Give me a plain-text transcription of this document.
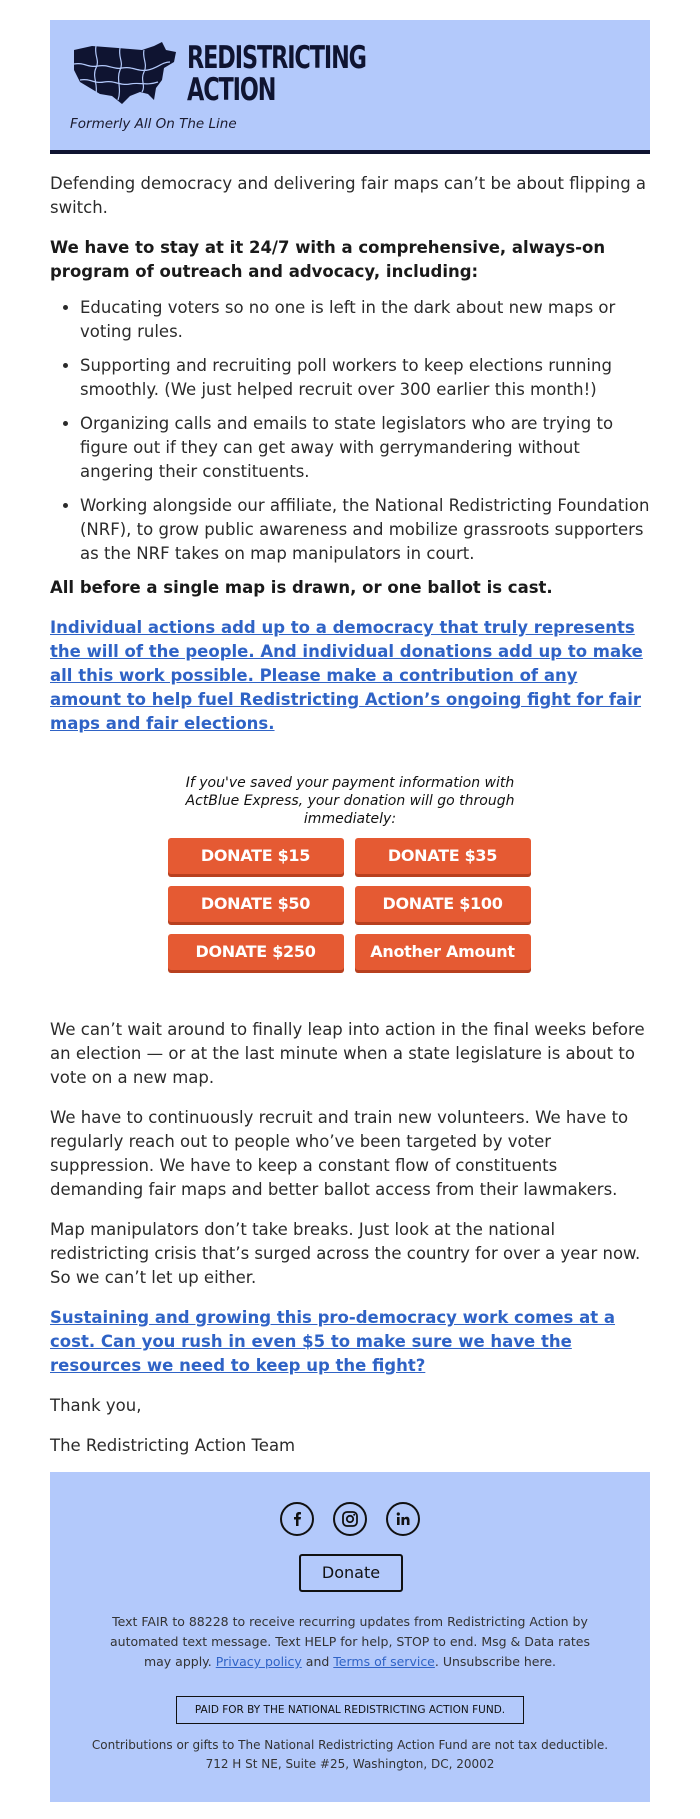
REDISTRICTING
ACTION
Formerly All On The Line

Defending democracy and delivering fair maps can’t be about flipping a switch.

We have to stay at it 24/7 with a comprehensive, always-on program of outreach and advocacy, including:

• Educating voters so no one is left in the dark about new maps or voting rules.
• Supporting and recruiting poll workers to keep elections running smoothly. (We just helped recruit over 300 earlier this month!)
• Organizing calls and emails to state legislators who are trying to figure out if they can get away with gerrymandering without angering their constituents.
• Working alongside our affiliate, the National Redistricting Foundation (NRF), to grow public awareness and mobilize grassroots supporters as the NRF takes on map manipulators in court.

All before a single map is drawn, or one ballot is cast.

Individual actions add up to a democracy that truly represents the will of the people. And individual donations add up to make all this work possible. Please make a contribution of any amount to help fuel Redistricting Action’s ongoing fight for fair maps and fair elections.

If you've saved your payment information with ActBlue Express, your donation will go through immediately:
DONATE $15	DONATE $35
DONATE $50	DONATE $100
DONATE $250	Another Amount

We can’t wait around to finally leap into action in the final weeks before an election — or at the last minute when a state legislature is about to vote on a new map.

We have to continuously recruit and train new volunteers. We have to regularly reach out to people who’ve been targeted by voter suppression. We have to keep a constant flow of constituents demanding fair maps and better ballot access from their lawmakers.

Map manipulators don’t take breaks. Just look at the national redistricting crisis that’s surged across the country for over a year now. So we can’t let up either.

Sustaining and growing this pro-democracy work comes at a cost. Can you rush in even $5 to make sure we have the resources we need to keep up the fight?

Thank you,

The Redistricting Action Team

Donate
Text FAIR to 88228 to receive recurring updates from Redistricting Action by automated text message. Text HELP for help, STOP to end. Msg & Data rates may apply. Privacy policy and Terms of service. Unsubscribe here.
PAID FOR BY THE NATIONAL REDISTRICTING ACTION FUND.
Contributions or gifts to The National Redistricting Action Fund are not tax deductible.
712 H St NE, Suite #25, Washington, DC, 20002
